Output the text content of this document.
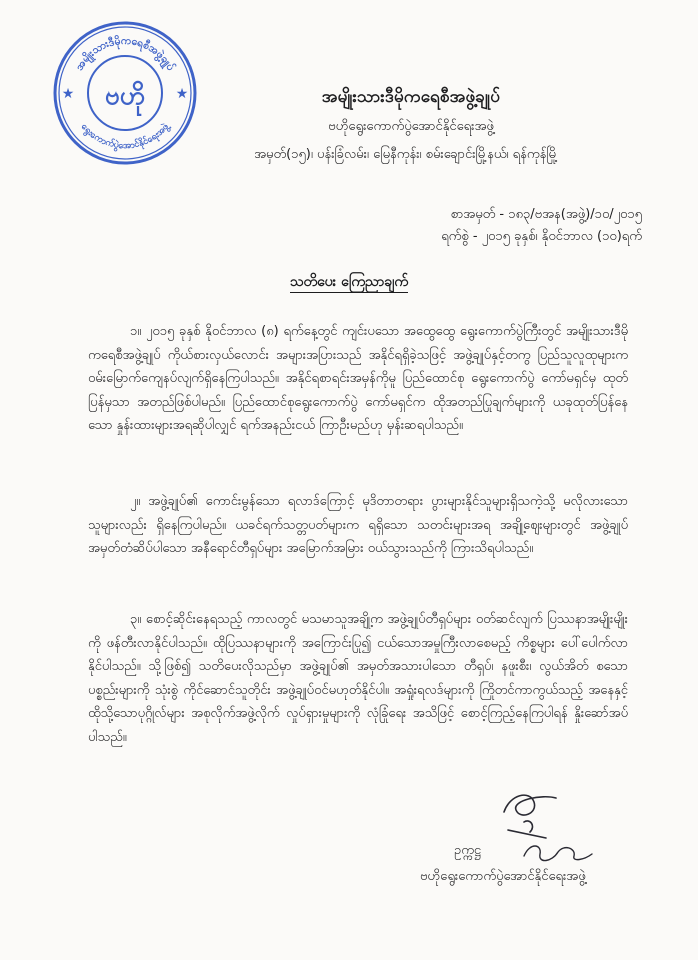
အမျိုးသားဒီမိုကရေစီအဖွဲ့ချုပ်
ရွေးကောက်ပွဲအောင်နိုင်ရေးအဖွဲ့
★	★
ဗဟို	အမျိုးသားဒီမိုကရေစီအဖွဲ့ချုပ်
ဗဟိုရွေးကောက်ပွဲအောင်နိုင်ရေးအဖွဲ့
အမှတ်(၁၅)၊ ပန်းခြံလမ်း၊ မြေနီကုန်း၊ စမ်းချောင်းမြို့နယ်၊ ရန်ကုန်မြို့
စာအမှတ် - ၁၈၃/ဗအန(အဖွဲ့)/၁၀/၂၀၁၅
ရက်စွဲ - ၂၀၁၅ ခုနှစ်၊ နိုဝင်ဘာလ (၁၀)ရက်
သတိပေး ကြေညာချက်
၁။ ၂၀၁၅ ခုနှစ် နိုဝင်ဘာလ (၈) ရက်နေ့တွင် ကျင်းပသော အထွေထွေ ရွေးကောက်ပွဲကြီးတွင် အမျိုးသားဒီမိုကရေစီအဖွဲ့ချုပ် ကိုယ်စားလှယ်လောင်း အများအပြားသည် အနိုင်ရရှိခဲ့သဖြင့် အဖွဲ့ချုပ်နှင့်တကွ ပြည်သူလူထုများက ဝမ်းမြောက်ကျေနပ်လျက်ရှိနေကြပါသည်။ အနိုင်ရစာရင်းအမှန်ကိုမူ ပြည်ထောင်စု ရွေးကောက်ပွဲ ကော်မရှင်မှ ထုတ်ပြန်မှသာ အတည်ဖြစ်ပါမည်။ ပြည်ထောင်စုရွေးကောက်ပွဲ ကော်မရှင်က ထိုအတည်ပြုချက်များကို ယခုထုတ်ပြန်နေသော နှုန်းထားများအရဆိုပါလျှင် ရက်အနည်းငယ် ကြာဦးမည်ဟု မှန်းဆရပါသည်။
၂။ အဖွဲ့ချုပ်၏ ကောင်းမွန်သော ရလာဒ်ကြောင့် မုဒိတာတရား ပွားများနိုင်သူများရှိသကဲ့သို့ မလိုလားသော သူများလည်း ရှိနေကြပါမည်။ ယခင်ရက်သတ္တပတ်များက ရရှိသော သတင်းများအရ အချို့ဈေးများတွင် အဖွဲ့ချုပ်အမှတ်တံဆိပ်ပါသော အနီရောင်တီရှပ်များ အမြောက်အမြား ဝယ်သွားသည်ကို ကြားသိရပါသည်။
၃။ စောင့်ဆိုင်းနေရသည့် ကာလတွင် မသမာသူအချို့က အဖွဲ့ချုပ်တီရှပ်များ ဝတ်ဆင်လျက် ပြဿနာအမျိုးမျိုးကို ဖန်တီးလာနိုင်ပါသည်။ ထိုပြဿနာများကို အကြောင်းပြု၍ ငယ်သောအမှုကြီးလာစေမည့် ကိစ္စများ ပေါ်ပေါက်လာနိုင်ပါသည်။ သို့ဖြစ်၍ သတိပေးလိုသည်မှာ အဖွဲ့ချုပ်၏ အမှတ်အသားပါသော တီရှပ်၊ နဖူးစီး၊ လွယ်အိတ် စသော ပစ္စည်းများကို သုံးစွဲ ကိုင်ဆောင်သူတိုင်း အဖွဲ့ချုပ်ဝင်မဟုတ်နိုင်ပါ။ အရှုံးရလဒ်များကို ကြိုတင်ကာကွယ်သည့် အနေနှင့် ထိုသို့သောပုဂ္ဂိုလ်များ အစုလိုက်အဖွဲ့လိုက် လှုပ်ရှားမှုများကို လုံခြုံရေး အသိဖြင့် စောင့်ကြည့်နေကြပါရန် နှိုးဆော်အပ်ပါသည်။
ဥက္ကဋ္ဌ
ဗဟိုရွေးကောက်ပွဲအောင်နိုင်ရေးအဖွဲ့
